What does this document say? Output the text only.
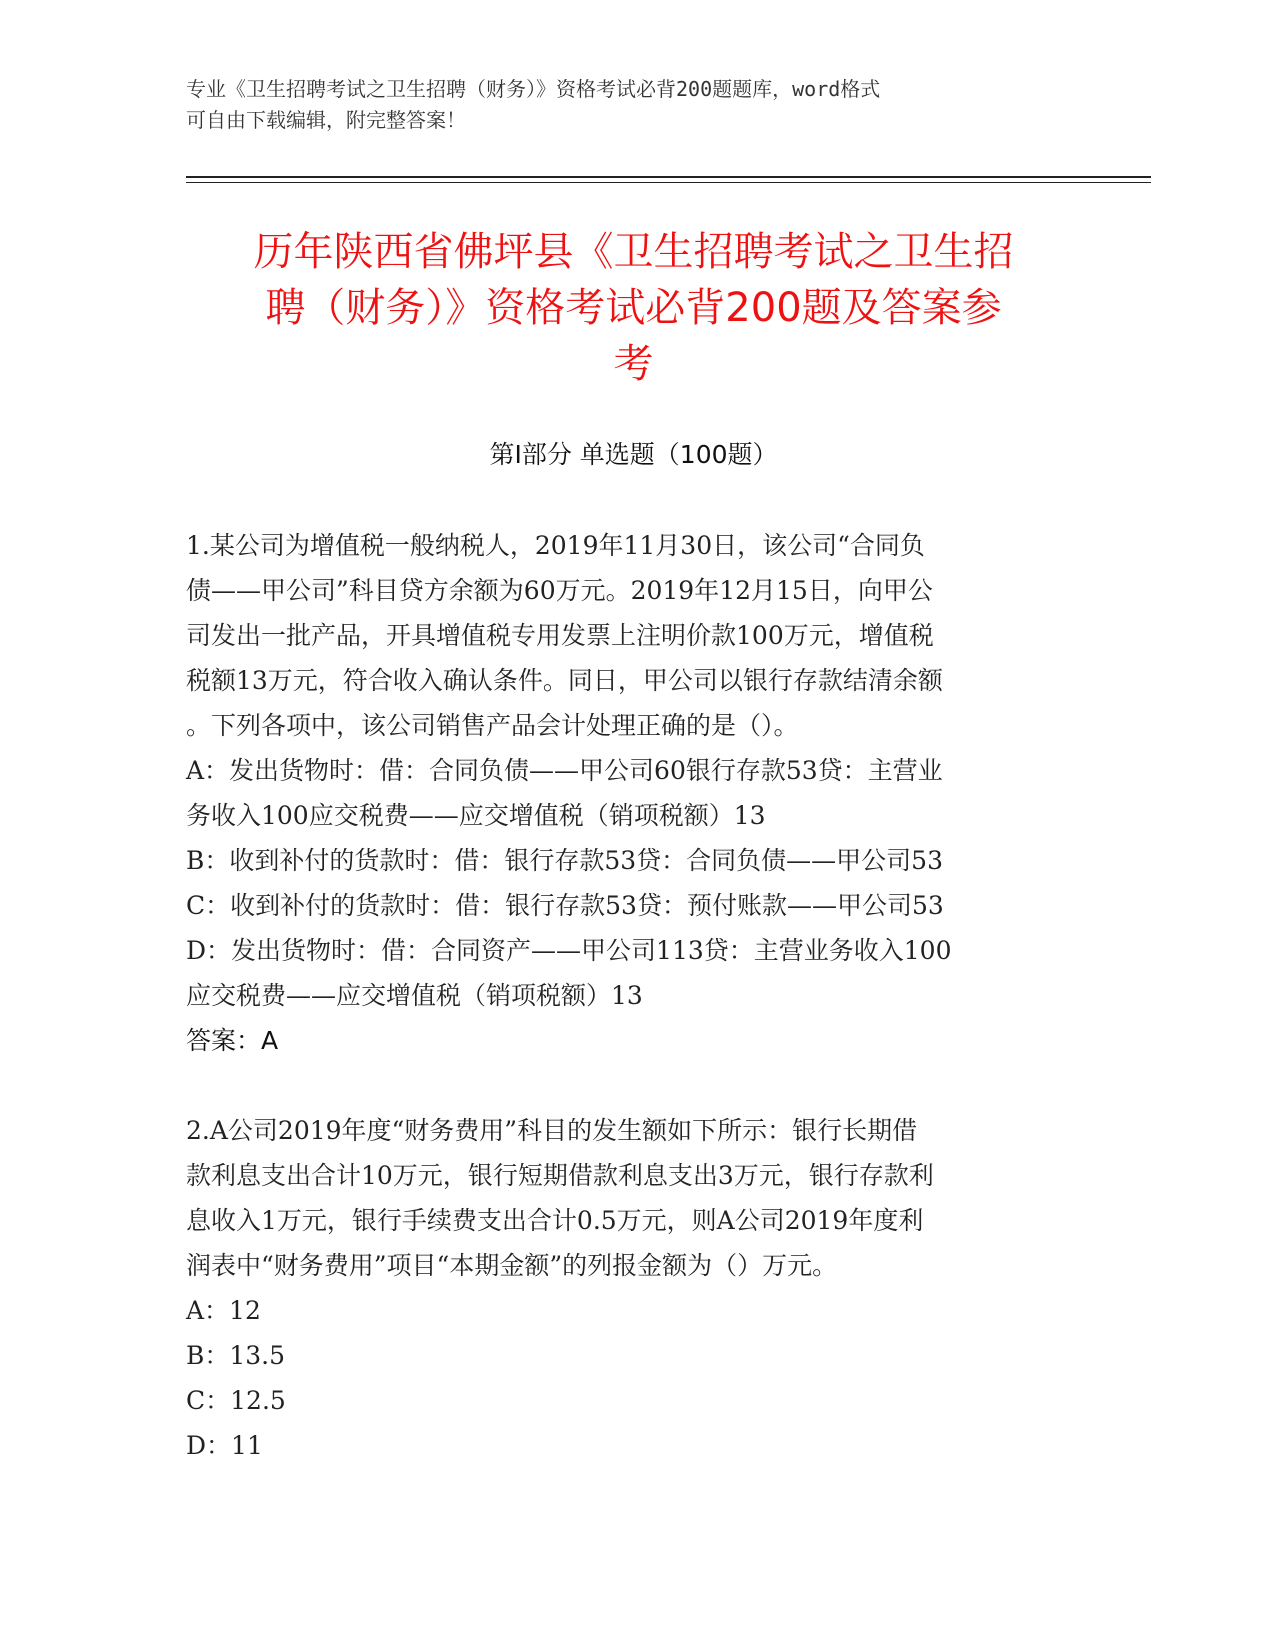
专业《卫生招聘考试之卫生招聘（财务）》资格考试必背200题题库，word格式
可自由下载编辑，附完整答案！
历年陕西省佛坪县《卫生招聘考试之卫生招
聘（财务）》资格考试必背200题及答案参
考
第Ⅰ部分 单选题（100题）

1.某公司为增值税一般纳税人，2019年11月30日，该公司“合同负

债——甲公司”科目贷方余额为60万元。2019年12月15日，向甲公

司发出一批产品，开具增值税专用发票上注明价款100万元，增值税

税额13万元，符合收入确认条件。同日，甲公司以银行存款结清余额

。下列各项中，该公司销售产品会计处理正确的是（）。

A：发出货物时：借：合同负债——甲公司60银行存款53贷：主营业

务收入100应交税费——应交增值税（销项税额）13

B：收到补付的货款时：借：银行存款53贷：合同负债——甲公司53

C：收到补付的货款时：借：银行存款53贷：预付账款——甲公司53

D：发出货物时：借：合同资产——甲公司113贷：主营业务收入100

应交税费——应交增值税（销项税额）13

答案：A

2.A公司2019年度“财务费用”科目的发生额如下所示：银行长期借

款利息支出合计10万元，银行短期借款利息支出3万元，银行存款利

息收入1万元，银行手续费支出合计0.5万元，则A公司2019年度利

润表中“财务费用”项目“本期金额”的列报金额为（）万元。

A：12

B：13.5

C：12.5

D：11
